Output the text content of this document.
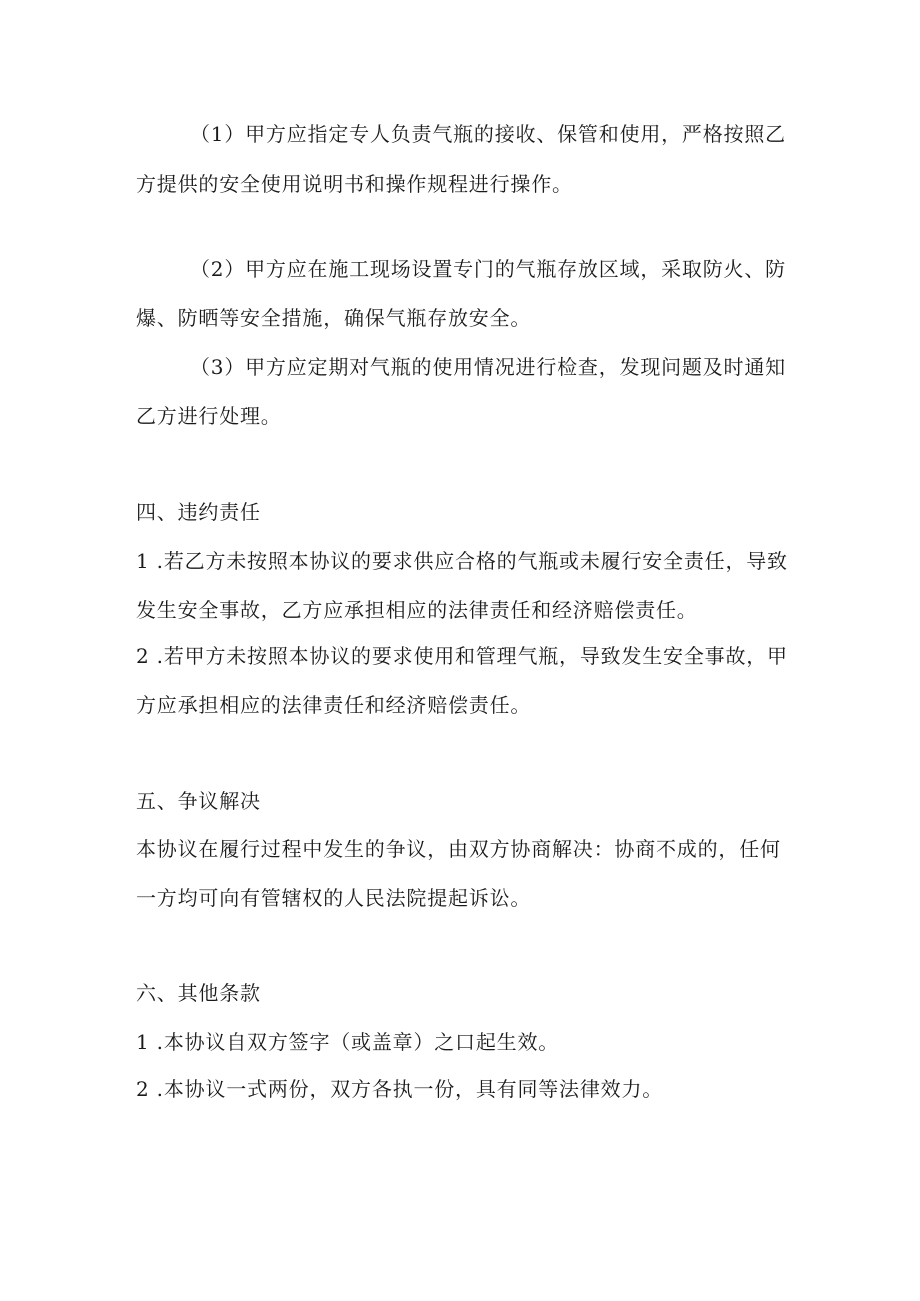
（1）甲方应指定专人负责气瓶的接收、保管和使用，严格按照乙
方提供的安全使用说明书和操作规程进行操作。
（2）甲方应在施工现场设置专门的气瓶存放区域，采取防火、防
爆、防晒等安全措施，确保气瓶存放安全。
（3）甲方应定期对气瓶的使用情况进行检查，发现问题及时通知
乙方进行处理。
四、违约责任
1 .若乙方未按照本协议的要求供应合格的气瓶或未履行安全责任，导致
发生安全事故，乙方应承担相应的法律责任和经济赔偿责任。
2 .若甲方未按照本协议的要求使用和管理气瓶，导致发生安全事故，甲
方应承担相应的法律责任和经济赔偿责任。
五、争议解决
本协议在履行过程中发生的争议，由双方协商解决：协商不成的，任何
一方均可向有管辖权的人民法院提起诉讼。
六、其他条款
1 .本协议自双方签字（或盖章）之口起生效。
2 .本协议一式两份，双方各执一份，具有同等法律效力。
